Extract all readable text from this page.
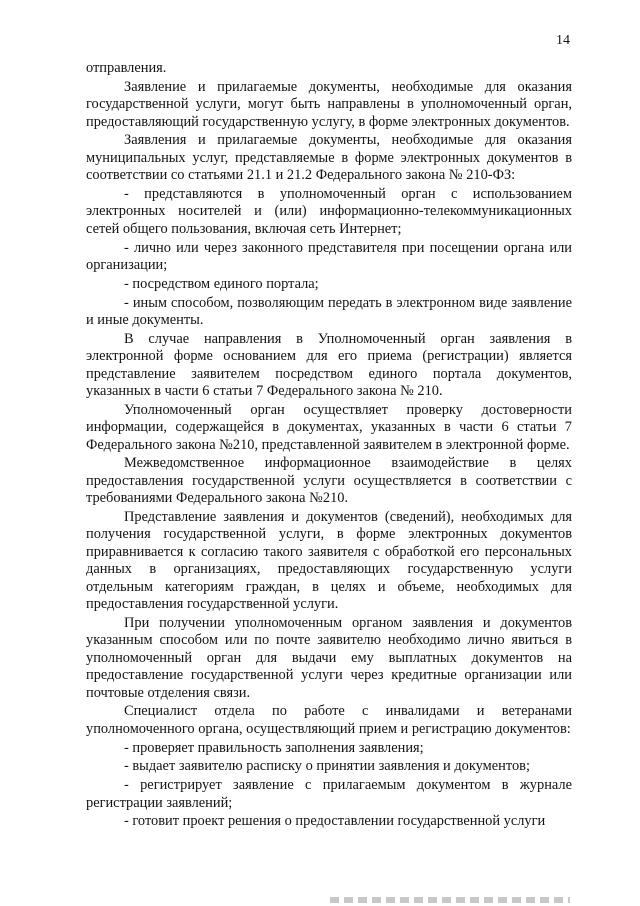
14

отправления.

Заявление и прилагаемые документы, необходимые для оказания государственной услуги, могут быть направлены в уполномоченный орган, предоставляющий государственную услугу, в форме электронных документов.

Заявления и прилагаемые документы, необходимые для оказания муниципальных услуг, представляемые в форме электронных документов в соответствии со статьями 21.1 и 21.2 Федерального закона № 210-ФЗ:

- представляются в уполномоченный орган с использованием электронных носителей и (или) информационно-телекоммуникационных сетей общего пользования, включая сеть Интернет;

- лично или через законного представителя при посещении органа или организации;

- посредством единого портала;

- иным способом, позволяющим передать в электронном виде заявление и иные документы.

В случае направления в Уполномоченный орган заявления в электронной форме основанием для его приема (регистрации) является представление заявителем посредством единого портала документов, указанных в части 6 статьи 7 Федерального закона № 210.

Уполномоченный орган осуществляет проверку достоверности информации, содержащейся в документах, указанных в части 6 статьи 7 Федерального закона №210, представленной заявителем в электронной форме.

Межведомственное информационное взаимодействие в целях предоставления государственной услуги осуществляется в соответствии с требованиями Федерального закона №210.

Представление заявления и документов (сведений), необходимых для получения государственной услуги, в форме электронных документов приравнивается к согласию такого заявителя с обработкой его персональных данных в организациях, предоставляющих государственную услуги отдельным категориям граждан, в целях и объеме, необходимых для предоставления государственной услуги.

При получении уполномоченным органом заявления и документов указанным способом или по почте заявителю необходимо лично явиться в уполномоченный орган для выдачи ему выплатных документов на предоставление государственной услуги через кредитные организации или почтовые отделения связи.

Специалист отдела по работе с инвалидами и ветеранами уполномоченного органа, осуществляющий прием и регистрацию документов:

- проверяет правильность заполнения заявления;

- выдает заявителю расписку о принятии заявления и документов;

- регистрирует заявление с прилагаемым документом в журнале регистрации заявлений;

- готовит проект решения о предоставлении государственной услуги
